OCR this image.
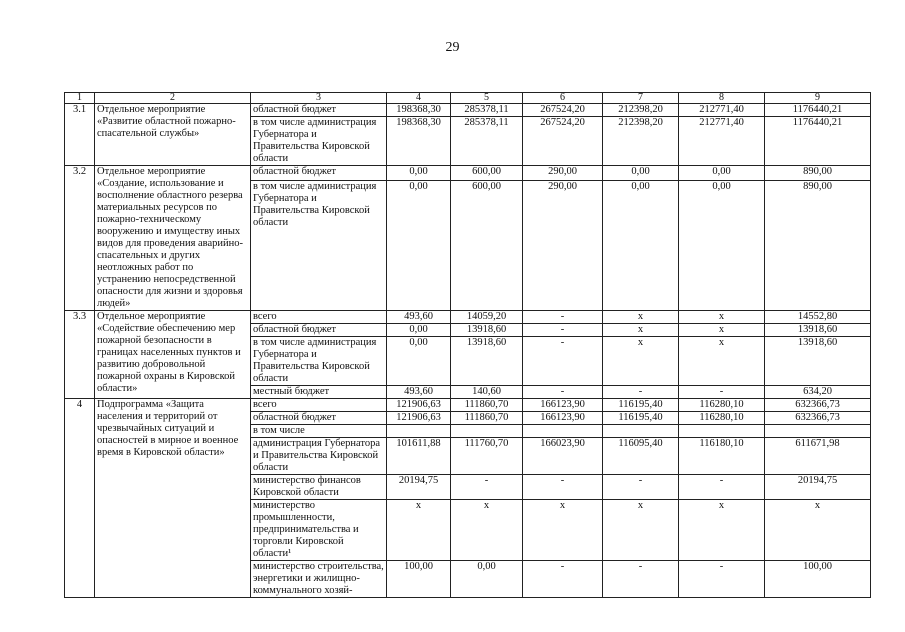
29
1	2	3	4	5	6	7	8	9
3.1	Отдельное мероприятие «Развитие областной пожарно-спасательной службы»	областной бюджет	198368,30	285378,11	267524,20	212398,20	212771,40	1176440,21
		в том числе администрация Губернатора и Правительства Кировской области	198368,30	285378,11	267524,20	212398,20	212771,40	1176440,21
3.2	Отдельное мероприятие «Создание, использование и восполнение областного резерва материальных ресурсов по пожарно-техническому вооружению и имуществу иных видов для проведения аварийно-спасательных и других неотложных работ по устранению непосредственной опасности для жизни и здоровья людей»	областной бюджет	0,00	600,00	290,00	0,00	0,00	890,00
		в том числе администрация Губернатора и Правительства Кировской области	0,00	600,00	290,00	0,00	0,00	890,00
3.3	Отдельное мероприятие «Содействие обеспечению мер пожарной безопасности в границах населенных пунктов и развитию добровольной пожарной охраны в Кировской области»	всего	493,60	14059,20	-	x	x	14552,80
		областной бюджет	0,00	13918,60	-	x	x	13918,60
		в том числе администрация Губернатора и Правительства Кировской области	0,00	13918,60	-	x	x	13918,60
		местный бюджет	493,60	140,60	-	-	-	634,20
4	Подпрограмма «Защита населения и территорий от чрезвычайных ситуаций и опасностей в мирное и военное время в Кировской области»	всего	121906,63	111860,70	166123,90	116195,40	116280,10	632366,73
		областной бюджет	121906,63	111860,70	166123,90	116195,40	116280,10	632366,73
		в том числе						
		администрация Губернатора и Правительства Кировской области	101611,88	111760,70	166023,90	116095,40	116180,10	611671,98
		министерство финансов Кировской области	20194,75	-	-	-	-	20194,75
		министерство промышленности, предпринимательства и торговли Кировской области¹	x	x	x	x	x	x
		министерство строительства, энергетики и жилищно-коммунального хозяй-	100,00	0,00	-	-	-	100,00
